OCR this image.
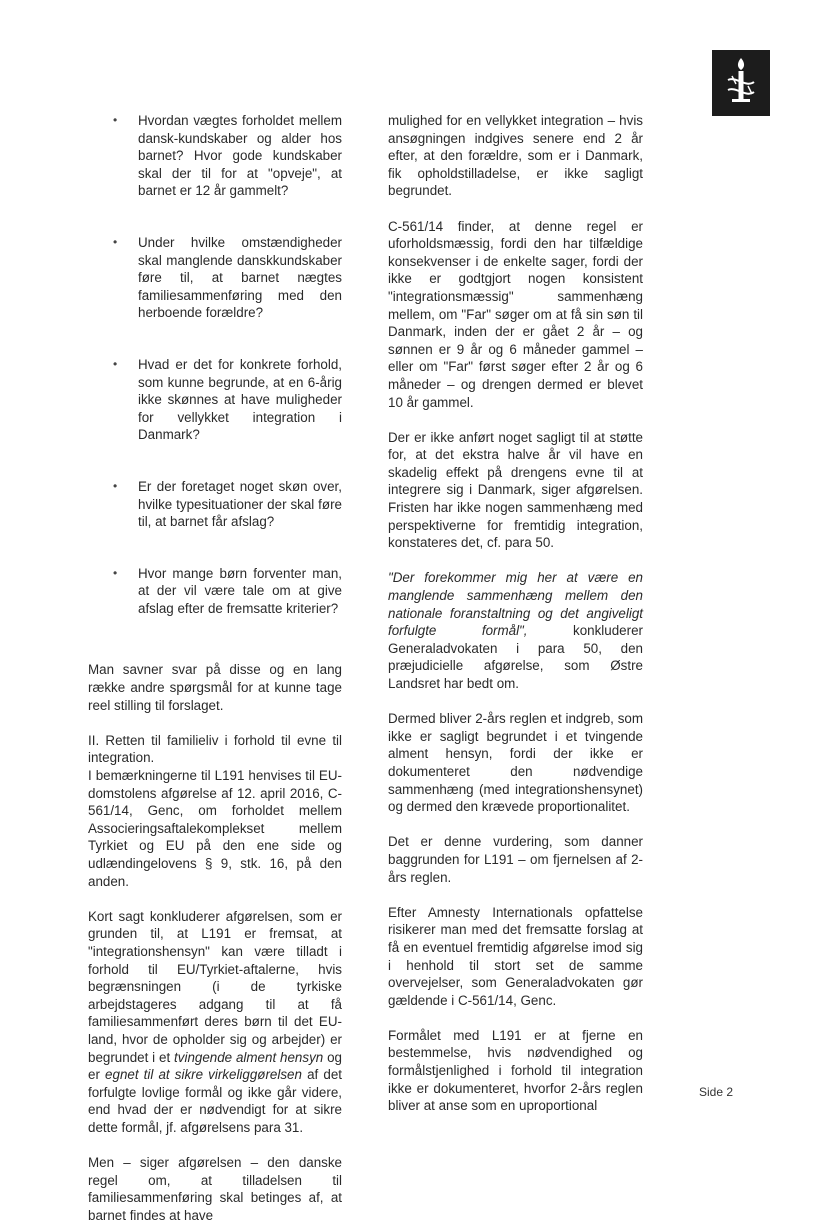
• Hvordan vægtes forholdet mellem dansk-kundskaber og alder hos barnet? Hvor gode kundskaber skal der til for at "opveje", at barnet er 12 år gammelt?
• Under hvilke omstændigheder skal manglende danskkundskaber føre til, at barnet nægtes familiesammenføring med den herboende forældre?
• Hvad er det for konkrete forhold, som kunne begrunde, at en 6-årig ikke skønnes at have muligheder for vellykket integration i Danmark?
• Er der foretaget noget skøn over, hvilke typesituationer der skal føre til, at barnet får afslag?
• Hvor mange børn forventer man, at der vil være tale om at give afslag efter de fremsatte kriterier?

Man savner svar på disse og en lang række andre spørgsmål for at kunne tage reel stilling til forslaget.

II. Retten til familieliv i forhold til evne til integration.

I bemærkningerne til L191 henvises til EU-domstolens afgørelse af 12. april 2016, C-561/14, Genc, om forholdet mellem Associeringsaftalekomplekset mellem Tyrkiet og EU på den ene side og udlændingelovens § 9, stk. 16, på den anden.

Kort sagt konkluderer afgørelsen, som er grunden til, at L191 er fremsat, at "integrationshensyn" kan være tilladt i forhold til EU/Tyrkiet-aftalerne, hvis begrænsningen (i de tyrkiske arbejdstageres adgang til at få familiesammenført deres børn til det EU-land, hvor de opholder sig og arbejder) er begrundet i et tvingende alment hensyn og er egnet til at sikre virkeliggørelsen af det forfulgte lovlige formål og ikke går videre, end hvad der er nødvendigt for at sikre dette formål, jf. afgørelsens para 31.

Men – siger afgørelsen – den danske regel om, at tilladelsen til familiesammenføring skal betinges af, at barnet findes at have

mulighed for en vellykket integration – hvis ansøgningen indgives senere end 2 år efter, at den forældre, som er i Danmark, fik opholdstilladelse, er ikke sagligt begrundet.

C-561/14 finder, at denne regel er uforholdsmæssig, fordi den har tilfældige konsekvenser i de enkelte sager, fordi der ikke er godtgjort nogen konsistent "integrationsmæssig" sammenhæng mellem, om "Far" søger om at få sin søn til Danmark, inden der er gået 2 år – og sønnen er 9 år og 6 måneder gammel – eller om "Far" først søger efter 2 år og 6 måneder – og drengen dermed er blevet 10 år gammel.

Der er ikke anført noget sagligt til at støtte for, at det ekstra halve år vil have en skadelig effekt på drengens evne til at integrere sig i Danmark, siger afgørelsen. Fristen har ikke nogen sammenhæng med perspektiverne for fremtidig integration, konstateres det, cf. para 50.

"Der forekommer mig her at være en manglende sammenhæng mellem den nationale foranstaltning og det angiveligt forfulgte formål", konkluderer Generaladvokaten i para 50, den præjudicielle afgørelse, som Østre Landsret har bedt om.

Dermed bliver 2-års reglen et indgreb, som ikke er sagligt begrundet i et tvingende alment hensyn, fordi der ikke er dokumenteret den nødvendige sammenhæng (med integrationshensynet) og dermed den krævede proportionalitet.

Det er denne vurdering, som danner baggrunden for L191 – om fjernelsen af 2-års reglen.

Efter Amnesty Internationals opfattelse risikerer man med det fremsatte forslag at få en eventuel fremtidig afgørelse imod sig i henhold til stort set de samme overvejelser, som Generaladvokaten gør gældende i C-561/14, Genc.

Formålet med L191 er at fjerne en bestemmelse, hvis nødvendighed og formålstjenlighed i forhold til integration ikke er dokumenteret, hvorfor 2-års reglen bliver at anse som en uproportional

Side 2
